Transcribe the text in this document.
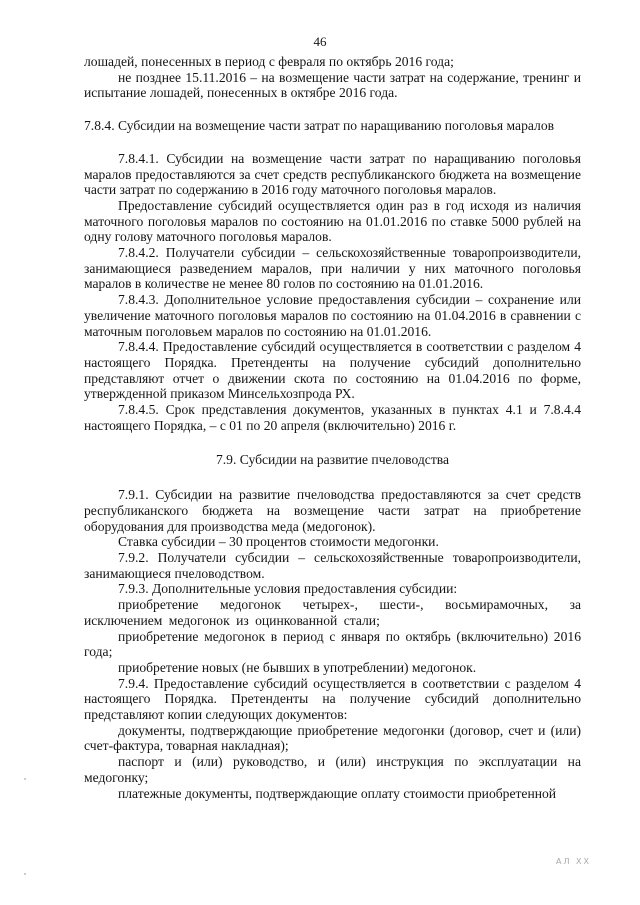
46

лошадей, понесенных в период с февраля по октябрь 2016 года;

не позднее 15.11.2016 – на возмещение части затрат на содержание, тренинг и испытание лошадей, понесенных в октябре 2016 года.

7.8.4. Субсидии на возмещение части затрат по наращиванию поголовья маралов

7.8.4.1. Субсидии на возмещение части затрат по наращиванию поголовья маралов предоставляются за счет средств республиканского бюджета на возмещение части затрат по содержанию в 2016 году маточного поголовья маралов.

Предоставление субсидий осуществляется один раз в год исходя из наличия маточного поголовья маралов по состоянию на 01.01.2016 по ставке 5000 рублей на одну голову маточного поголовья маралов.

7.8.4.2. Получатели субсидии – сельскохозяйственные товаропроизводители, занимающиеся разведением маралов, при наличии у них маточного поголовья маралов в количестве не менее 80 голов по состоянию на 01.01.2016.

7.8.4.3. Дополнительное условие предоставления субсидии – сохранение или увеличение маточного поголовья маралов по состоянию на 01.04.2016 в сравнении с маточным поголовьем маралов по состоянию на 01.01.2016.

7.8.4.4. Предоставление субсидий осуществляется в соответствии с разделом 4 настоящего Порядка. Претенденты на получение субсидий дополнительно представляют отчет о движении скота по состоянию на 01.04.2016 по форме, утвержденной приказом Минсельхозпрода РХ.

7.8.4.5. Срок представления документов, указанных в пунктах 4.1 и 7.8.4.4 настоящего Порядка, – с 01 по 20 апреля (включительно) 2016 г.

7.9. Субсидии на развитие пчеловодства

7.9.1. Субсидии на развитие пчеловодства предоставляются за счет средств республиканского бюджета на возмещение части затрат на приобретение оборудования для производства меда (медогонок).

Ставка субсидии – 30 процентов стоимости медогонки.

7.9.2. Получатели субсидии – сельскохозяйственные товаропроизводители, занимающиеся пчеловодством.

7.9.3. Дополнительные условия предоставления субсидии:

приобретение медогонок четырех-, шести-, восьмирамочных, за исключением медогонок из оцинкованной стали;

приобретение медогонок в период с января по октябрь (включительно) 2016 года;

приобретение новых (не бывших в употреблении) медогонок.

7.9.4. Предоставление субсидий осуществляется в соответствии с разделом 4 настоящего Порядка. Претенденты на получение субсидий дополнительно представляют копии следующих документов:

документы, подтверждающие приобретение медогонки (договор, счет и (или) счет-фактура, товарная накладная);

паспорт и (или) руководство, и (или) инструкция по эксплуатации на медогонку;

платежные документы, подтверждающие оплату стоимости приобретенной

АЛ ХХ
